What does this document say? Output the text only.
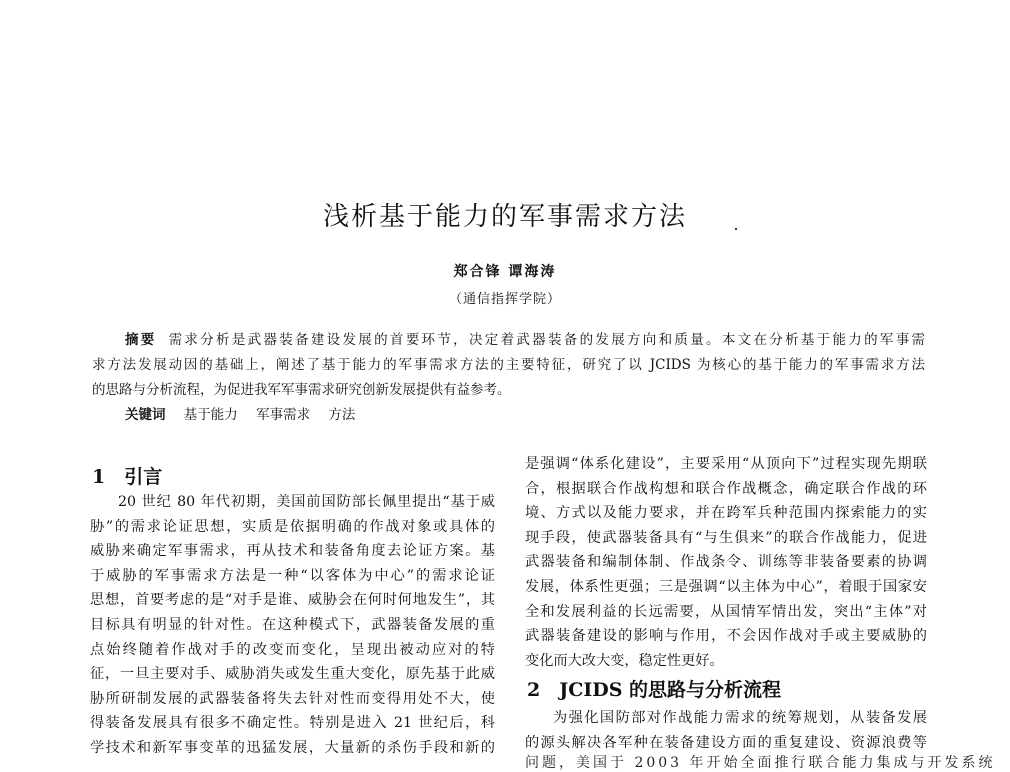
浅析基于能力的军事需求方法
郑合锋 谭海涛
（通信指挥学院）
摘要 需求分析是武器装备建设发展的首要环节，决定着武器装备的发展方向和质量。本文在分析基于能力的军事需
求方法发展动因的基础上，阐述了基于能力的军事需求方法的主要特征，研究了以 JCIDS 为核心的基于能力的军事需求方法
的思路与分析流程，为促进我军军事需求研究创新发展提供有益参考。
关键词 基于能力 军事需求 方法
1　引言
20 世纪 80 年代初期，美国前国防部长佩里提出“基于威
胁”的需求论证思想，实质是依据明确的作战对象或具体的
威胁来确定军事需求，再从技术和装备角度去论证方案。基
于威胁的军事需求方法是一种“以客体为中心”的需求论证
思想，首要考虑的是“对手是谁、威胁会在何时何地发生”，其
目标具有明显的针对性。在这种模式下，武器装备发展的重
点始终随着作战对手的改变而变化，呈现出被动应对的特
征，一旦主要对手、威胁消失或发生重大变化，原先基于此威
胁所研制发展的武器装备将失去针对性而变得用处不大，使
得装备发展具有很多不确定性。特别是进入 21 世纪后，科
学技术和新军事变革的迅猛发展，大量新的杀伤手段和新的
是强调“体系化建设”，主要采用“从顶向下”过程实现先期联
合，根据联合作战构想和联合作战概念，确定联合作战的环
境、方式以及能力要求，并在跨军兵种范围内探索能力的实
现手段，使武器装备具有“与生俱来”的联合作战能力，促进
武器装备和编制体制、作战条令、训练等非装备要素的协调
发展，体系性更强；三是强调“以主体为中心”，着眼于国家安
全和发展利益的长远需要，从国情军情出发，突出“主体”对
武器装备建设的影响与作用，不会因作战对手或主要威胁的
变化而大改大变，稳定性更好。
2　JCIDS 的思路与分析流程
为强化国防部对作战能力需求的统筹规划，从装备发展
的源头解决各军种在装备建设方面的重复建设、资源浪费等
问题，美国于 2003 年开始全面推行联合能力集成与开发系统
